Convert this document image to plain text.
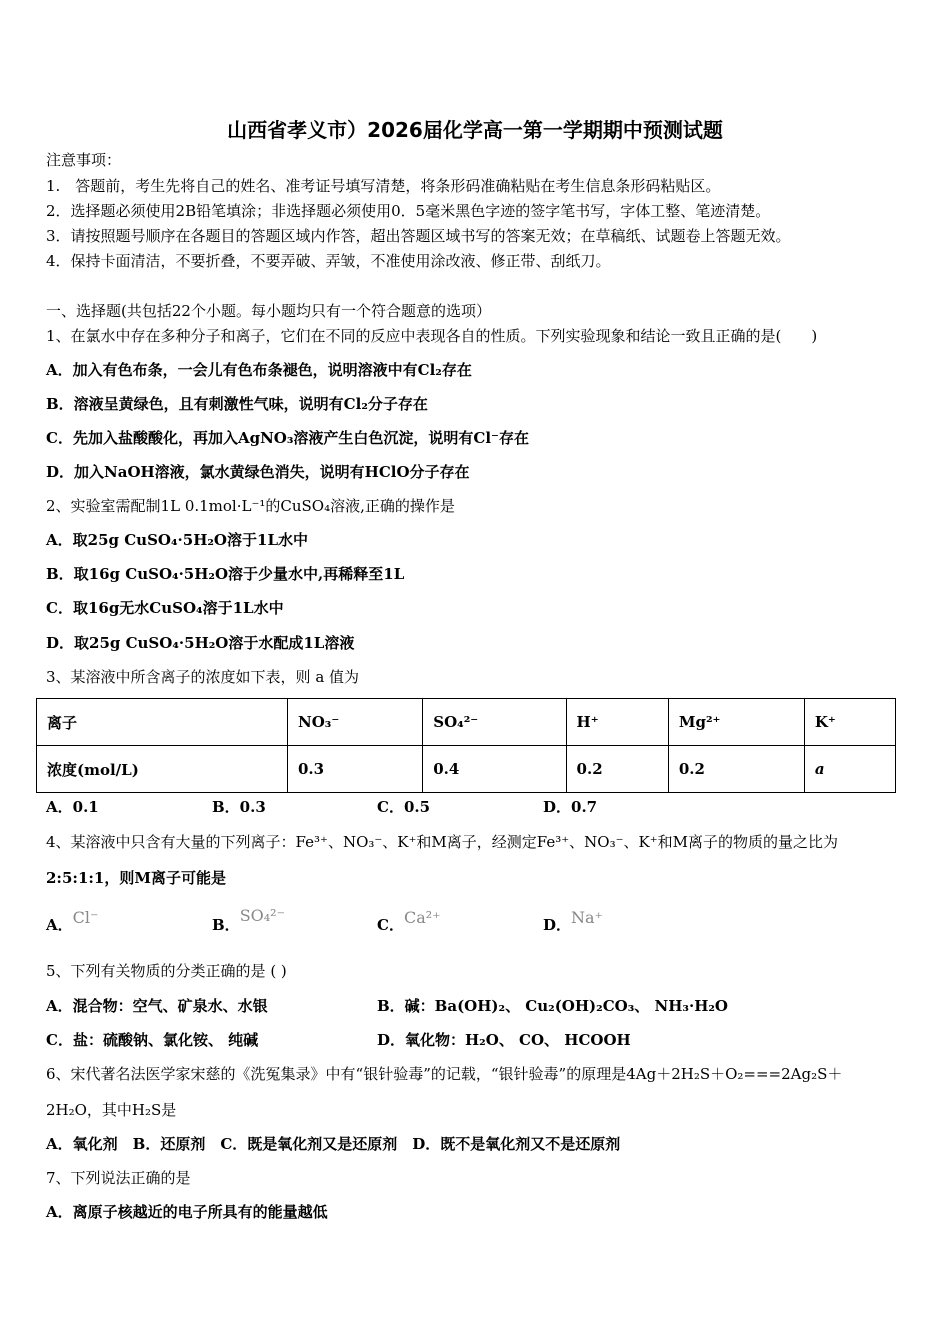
山西省孝义市）2026届化学高一第一学期期中预测试题
注意事项：
1.　答题前，考生先将自己的姓名、准考证号填写清楚，将条形码准确粘贴在考生信息条形码粘贴区。
2．选择题必须使用2B铅笔填涂；非选择题必须使用0．5毫米黑色字迹的签字笔书写，字体工整、笔迹清楚。
3．请按照题号顺序在各题目的答题区域内作答，超出答题区域书写的答案无效；在草稿纸、试题卷上答题无效。
4．保持卡面清洁，不要折叠，不要弄破、弄皱，不准使用涂改液、修正带、刮纸刀。
一、选择题(共包括22个小题。每小题均只有一个符合题意的选项）
1、在氯水中存在多种分子和离子，它们在不同的反应中表现各自的性质。下列实验现象和结论一致且正确的是(　　)
A．加入有色布条，一会儿有色布条褪色，说明溶液中有Cl₂存在
B．溶液呈黄绿色，且有刺激性气味，说明有Cl₂分子存在
C．先加入盐酸酸化，再加入AgNO₃溶液产生白色沉淀，说明有Cl⁻存在
D．加入NaOH溶液，氯水黄绿色消失，说明有HClO分子存在
2、实验室需配制1L 0.1mol·L⁻¹的CuSO₄溶液,正确的操作是
A．取25g CuSO₄·5H₂O溶于1L水中
B．取16g CuSO₄·5H₂O溶于少量水中,再稀释至1L
C．取16g无水CuSO₄溶于1L水中
D．取25g CuSO₄·5H₂O溶于水配成1L溶液
3、某溶液中所含离子的浓度如下表，则 a 值为
离子	NO₃⁻	SO₄²⁻	H⁺	Mg²⁺	K⁺
浓度(mol/L)	0.3	0.4	0.2	0.2	a
A．0.1	B．0.3	C．0.5	D．0.7
4、某溶液中只含有大量的下列离子：Fe³⁺、NO₃⁻、K⁺和M离子，经测定Fe³⁺、NO₃⁻、K⁺和M离子的物质的量之比为
2:5:1:1，则M离子可能是
A．Cl⁻	B．SO₄²⁻	C．Ca²⁺	D．Na⁺
5、下列有关物质的分类正确的是 ( )
A．混合物：空气、矿泉水、水银	B．碱：Ba(OH)₂、 Cu₂(OH)₂CO₃、 NH₃·H₂O
C．盐：硫酸钠、氯化铵、 纯碱	D．氧化物：H₂O、 CO、 HCOOH
6、宋代著名法医学家宋慈的《洗冤集录》中有“银针验毒”的记载，“银针验毒”的原理是4Ag＋2H₂S＋O₂===2Ag₂S＋
2H₂O，其中H₂S是
A．氧化剂　B．还原剂　C．既是氧化剂又是还原剂　D．既不是氧化剂又不是还原剂
7、下列说法正确的是
A．离原子核越近的电子所具有的能量越低
